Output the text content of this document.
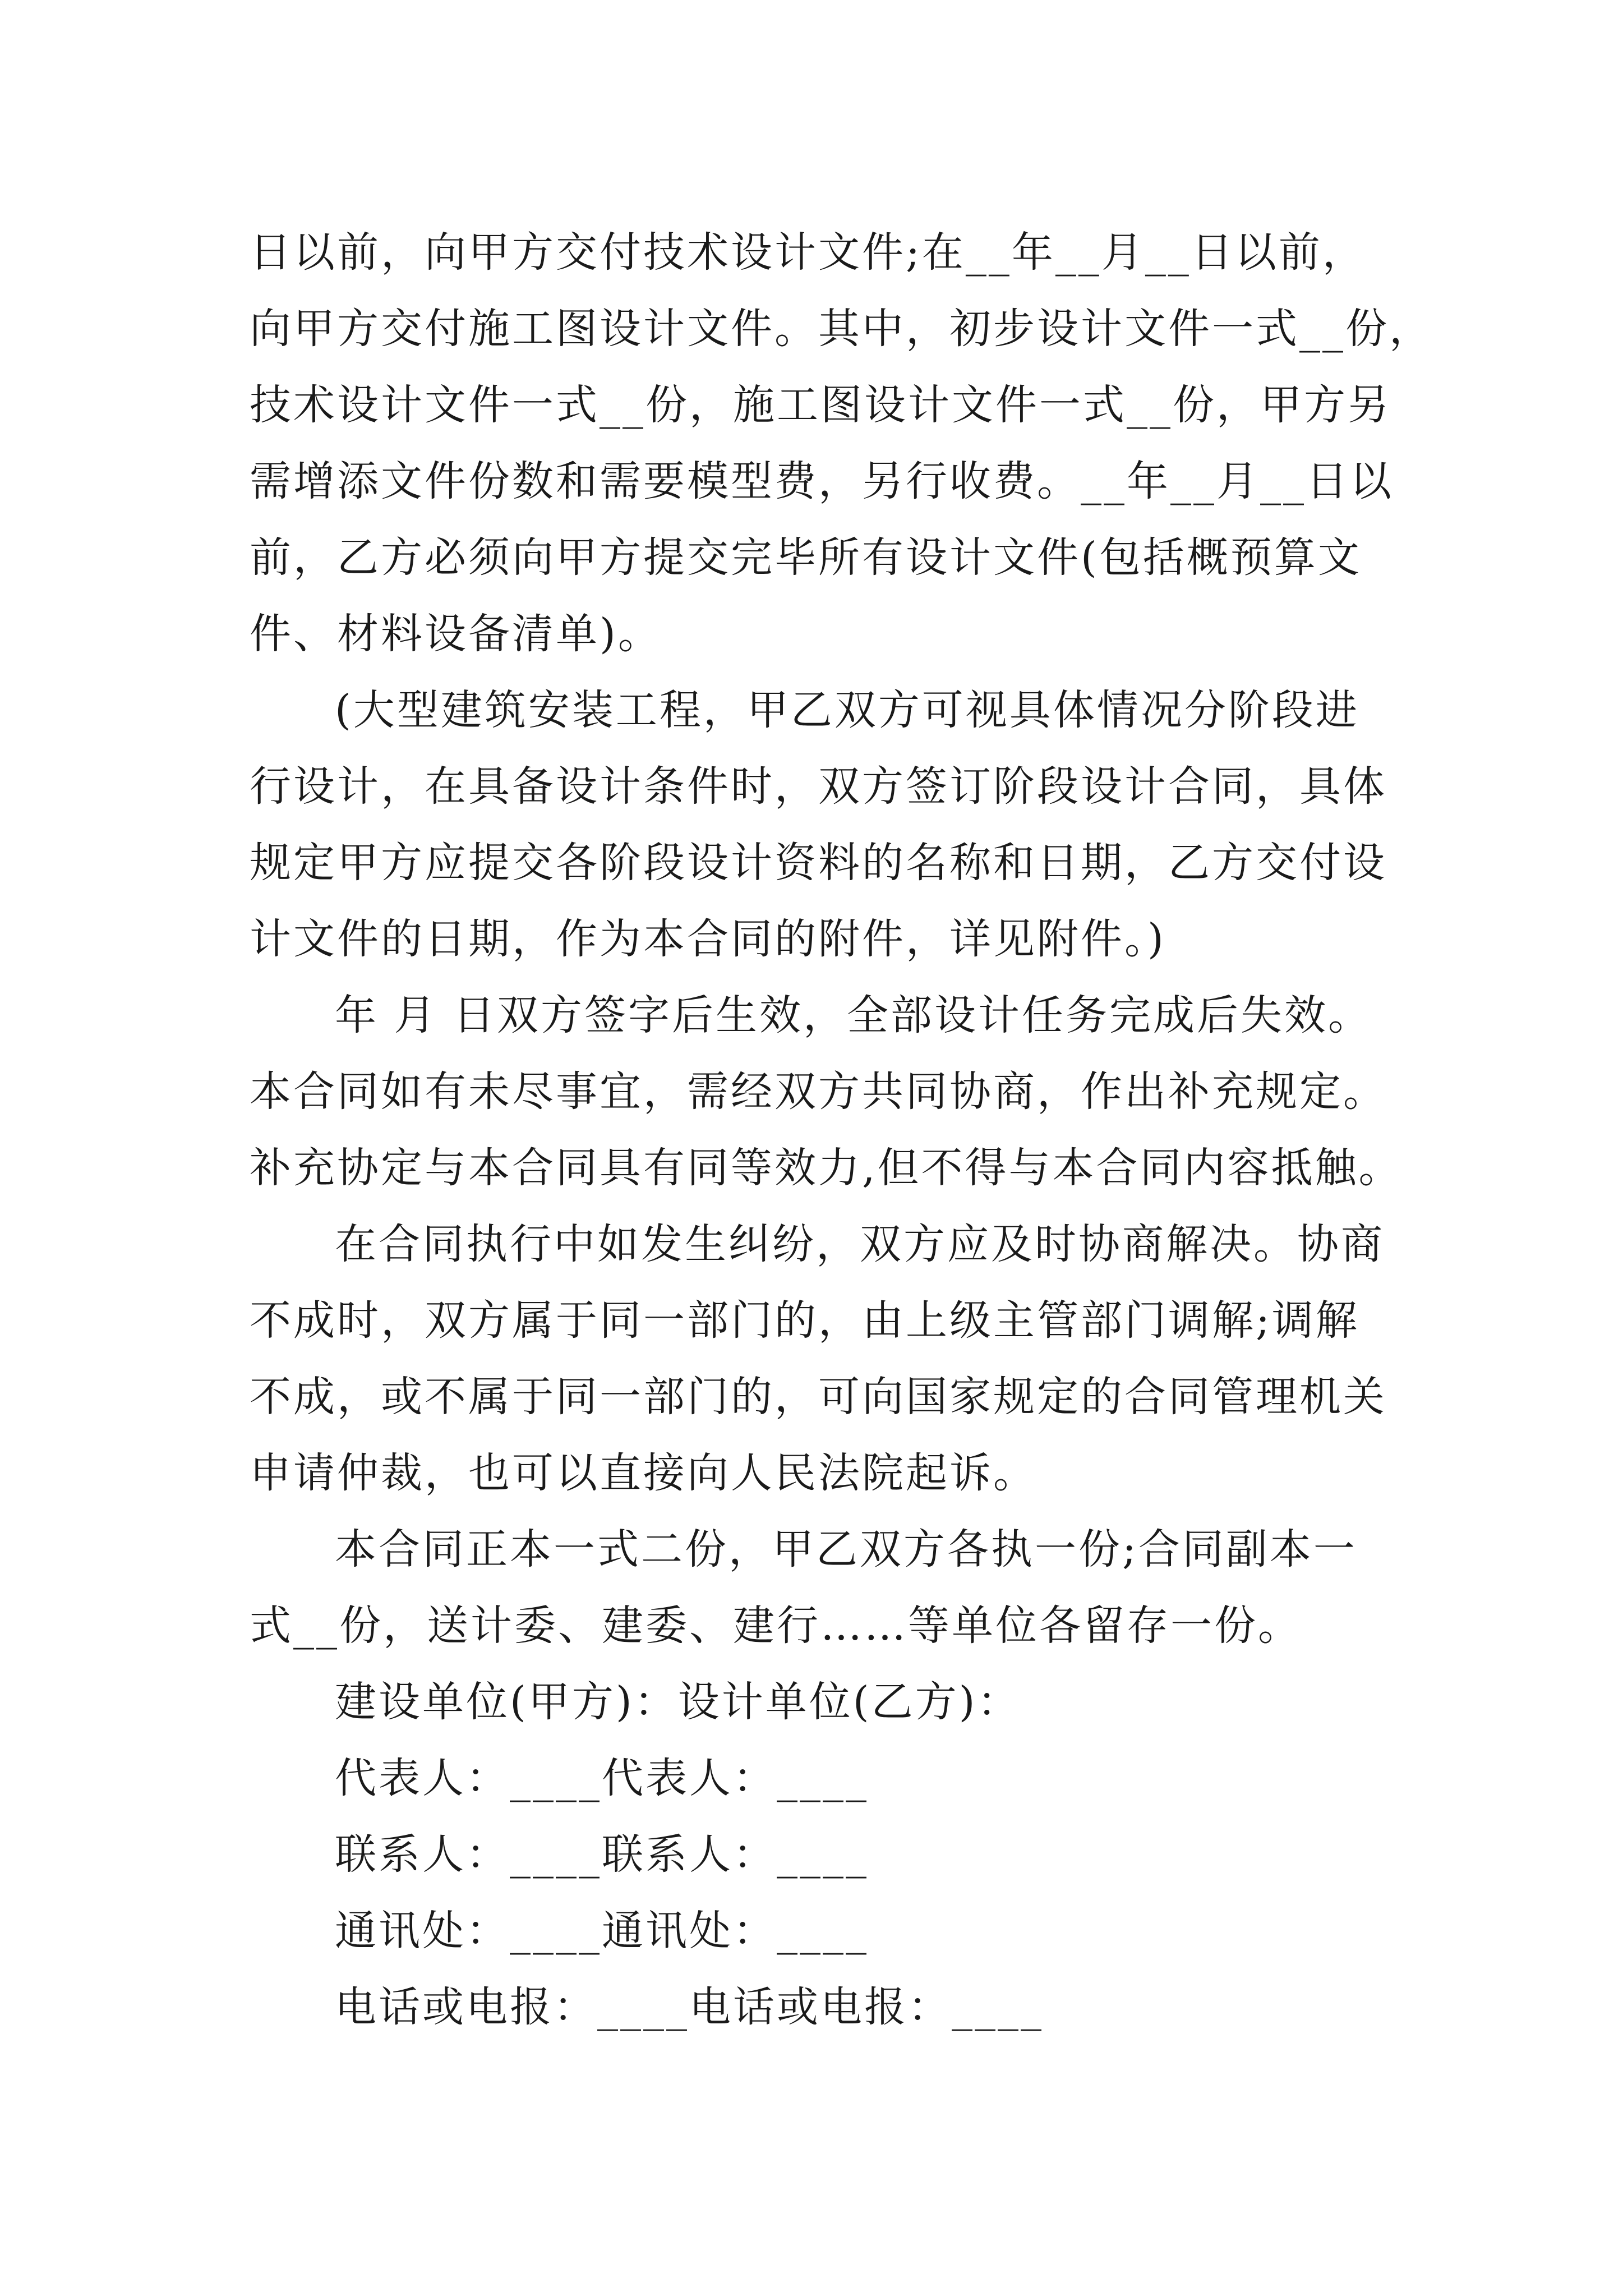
日以前，向甲方交付技术设计文件;在__年__月__日以前，
向甲方交付施工图设计文件。其中，初步设计文件一式__份，
技术设计文件一式__份，施工图设计文件一式__份，甲方另
需增添文件份数和需要模型费，另行收费。__年__月__日以
前，乙方必须向甲方提交完毕所有设计文件(包括概预算文
件、材料设备清单)。
(大型建筑安装工程，甲乙双方可视具体情况分阶段进
行设计，在具备设计条件时，双方签订阶段设计合同，具体
规定甲方应提交各阶段设计资料的名称和日期，乙方交付设
计文件的日期，作为本合同的附件，详见附件。)
年 月 日双方签字后生效，全部设计任务完成后失效。
本合同如有未尽事宜，需经双方共同协商，作出补充规定。
补充协定与本合同具有同等效力,但不得与本合同内容抵触。
在合同执行中如发生纠纷，双方应及时协商解决。协商
不成时，双方属于同一部门的，由上级主管部门调解;调解
不成，或不属于同一部门的，可向国家规定的合同管理机关
申请仲裁，也可以直接向人民法院起诉。
本合同正本一式二份，甲乙双方各执一份;合同副本一
式__份，送计委、建委、建行……等单位各留存一份。
建设单位(甲方)：设计单位(乙方)：
代表人：____代表人：____
联系人：____联系人：____
通讯处：____通讯处：____
电话或电报：____电话或电报：____
